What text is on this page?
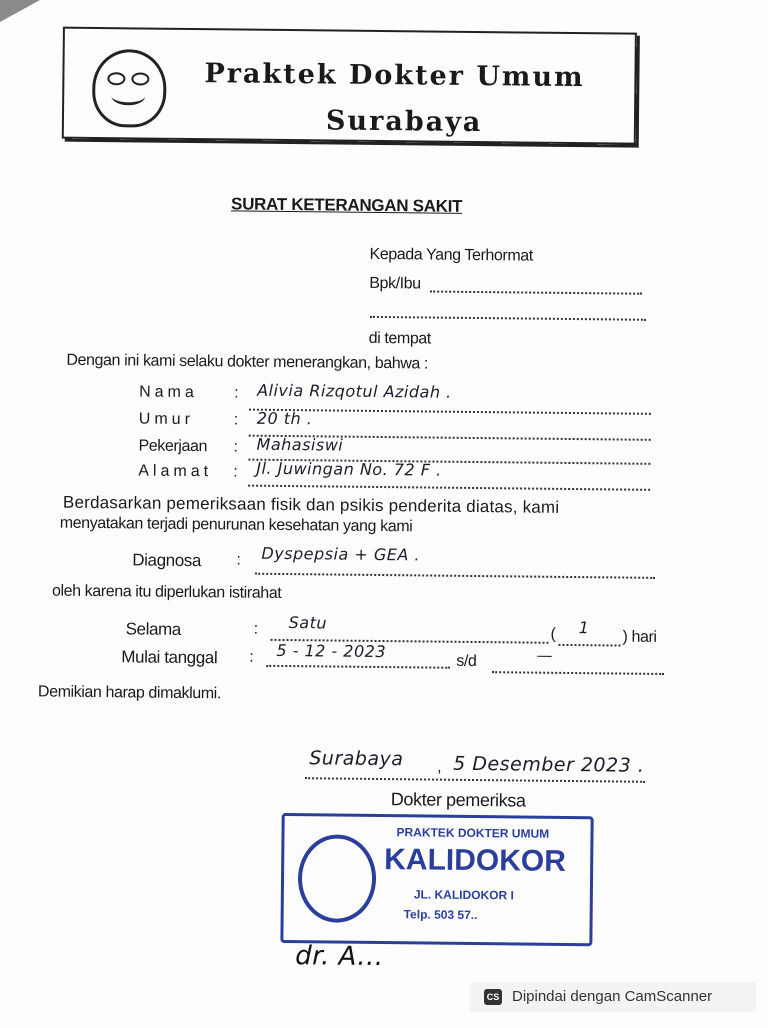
Praktek Dokter Umum
Surabaya
SURAT KETERANGAN SAKIT
Kepada Yang Terhormat
Bpk/Ibu
di tempat
Dengan ini kami selaku dokter menerangkan, bahwa :
Nama : Alivia Rizqotul Azidah .
Umur : 20 th .
Pekerjaan : Mahasiswi
Alamat : Jl. Juwingan No. 72 F .
Berdasarkan pemeriksaan fisik dan psikis penderita diatas, kami
menyatakan terjadi penurunan kesehatan yang kami
Diagnosa : Dyspepsia + GEA .
oleh karena itu diperlukan istirahat
Selama	: Satu
( 1
) hari
Mulai tanggal : 5 - 12 - 2023
s/d	—
Demikian harap dimaklumi.
Surabaya , 5 Desember 2023 .
Dokter pemeriksa
PRAKTEK DOKTER UMUM
KALIDOKOR
JL. KALIDOKOR I
Telp. 503 57..
dr. A...
CS Dipindai dengan CamScanner
